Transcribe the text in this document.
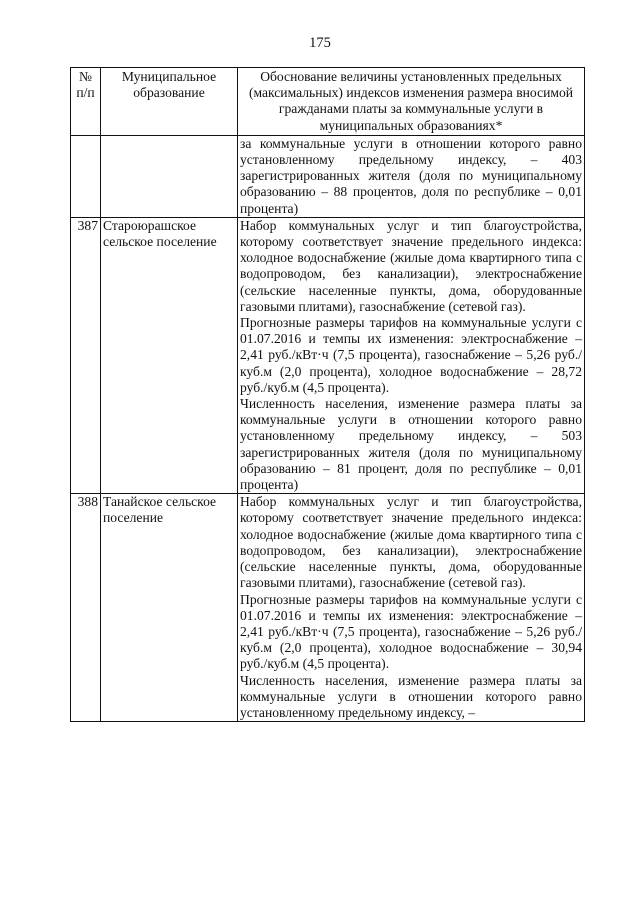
175
№ п/п	Муниципальное образование	Обоснование величины установленных предельных (максимальных) индексов изменения размера вносимой гражданами платы за коммунальные услуги в муниципальных образованиях*

		за коммунальные услуги в отношении которого равно установленному предельному индексу, – 403 зарегистрированных жителя (доля по муниципальному образованию – 88 процентов, доля по республике – 0,01 процента)

387	Староюрашское сельское поселение	Набор коммунальных услуг и тип благоустройства, которому соответствует значение предельного индекса: холодное водоснабжение (жилые дома квартирного типа с водопроводом, без канализации), электроснабжение (сельские населенные пункты, дома, оборудованные газовыми плитами), газоснабжение (сетевой газ).

Прогнозные размеры тарифов на коммунальные услуги с 01.07.2016 и темпы их изменения: электроснабжение – 2,41 руб./кВт·ч (7,5 процента), газоснабжение – 5,26 руб./куб.м (2,0 процента), холодное водоснабжение – 28,72 руб./куб.м (4,5 процента).

Численность населения, изменение размера платы за коммунальные услуги в отношении которого равно установленному предельному индексу, – 503 зарегистрированных жителя (доля по муниципальному образованию – 81 процент, доля по республике – 0,01 процента)

388	Танайское сельское поселение	Набор коммунальных услуг и тип благоустройства, которому соответствует значение предельного индекса: холодное водоснабжение (жилые дома квартирного типа с водопроводом, без канализации), электроснабжение (сельские населенные пункты, дома, оборудованные газовыми плитами), газоснабжение (сетевой газ).

Прогнозные размеры тарифов на коммунальные услуги с 01.07.2016 и темпы их изменения: электроснабжение – 2,41 руб./кВт·ч (7,5 процента), газоснабжение – 5,26 руб./куб.м (2,0 процента), холодное водоснабжение – 30,94 руб./куб.м (4,5 процента).

Численность населения, изменение размера платы за коммунальные услуги в отношении которого равно установленному предельному индексу, –
